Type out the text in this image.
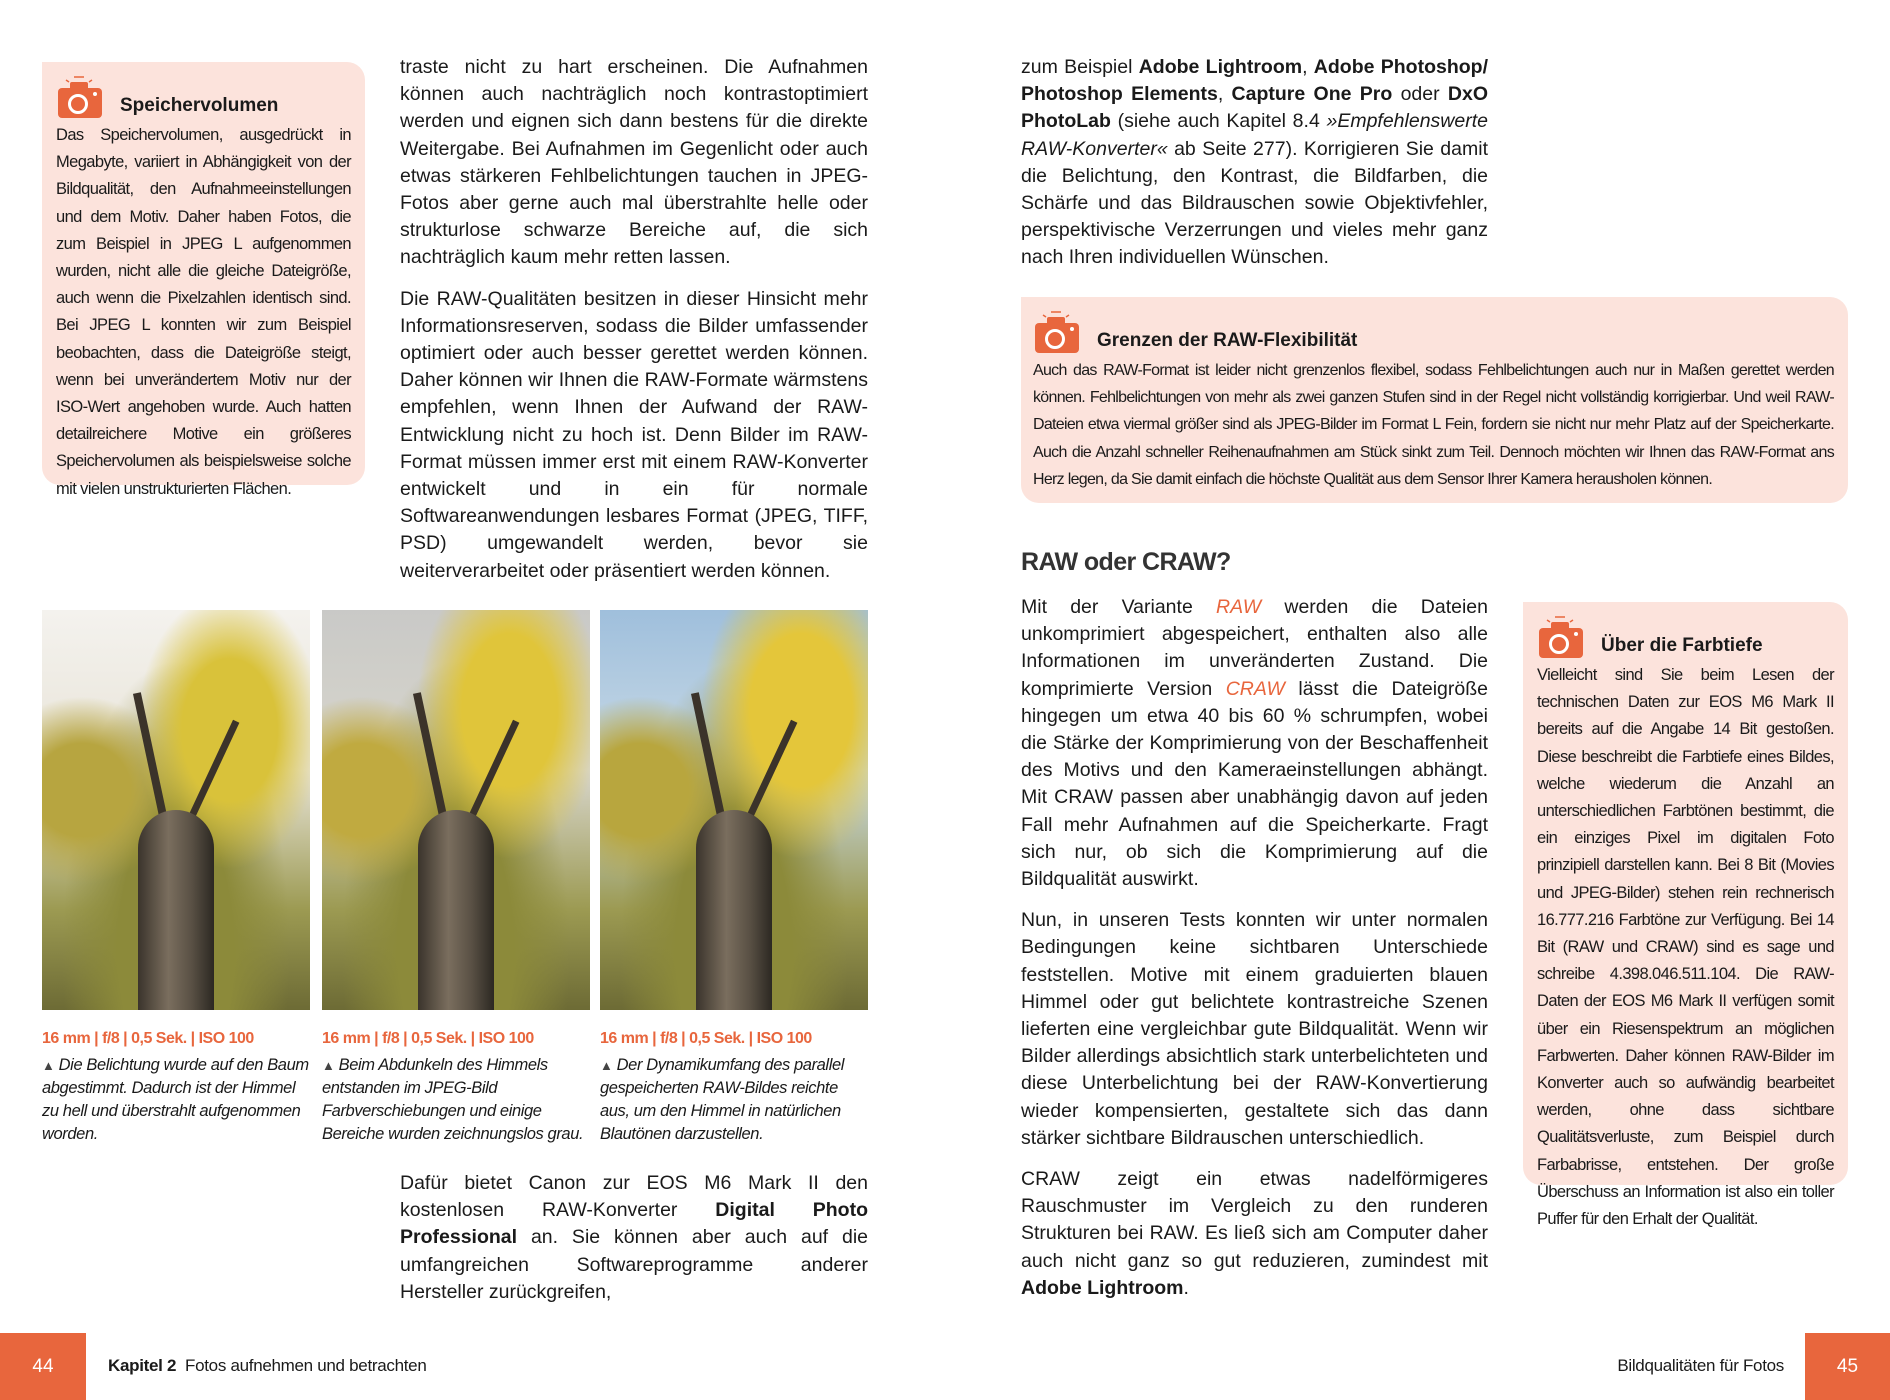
Speichervolumen
Das Speichervolumen, ausgedrückt in Megabyte, variiert in Abhängigkeit von der Bildqualität, den Aufnahmeeinstellungen und dem Motiv. Daher haben Fotos, die zum Beispiel in JPEG L aufgenommen wurden, nicht alle die gleiche Dateigröße, auch wenn die Pixelzahlen identisch sind. Bei JPEG L konnten wir zum Beispiel beobachten, dass die Dateigröße steigt, wenn bei unverändertem Motiv nur der ISO-Wert angehoben wurde. Auch hatten detailreichere Motive ein größeres Speichervolumen als beispielsweise solche mit vielen unstrukturierten Flächen.

traste nicht zu hart erscheinen. Die Aufnahmen können auch nachträglich noch kontrastoptimiert werden und eignen sich dann bestens für die direkte Weitergabe. Bei Aufnahmen im Gegenlicht oder auch etwas stärkeren Fehlbelichtungen tauchen in JPEG-Fotos aber gerne auch mal überstrahlte helle oder strukturlose schwarze Bereiche auf, die sich nachträglich kaum mehr retten lassen.

Die RAW-Qualitäten besitzen in dieser Hinsicht mehr Informationsreserven, sodass die Bilder umfassender optimiert oder auch besser gerettet werden können. Daher können wir Ihnen die RAW-Formate wärmstens empfehlen, wenn Ihnen der Aufwand der RAW-Entwicklung nicht zu hoch ist. Denn Bilder im RAW-Format müssen immer erst mit einem RAW-Konverter entwickelt und in ein für normale Softwareanwendungen lesbares Format (JPEG, TIFF, PSD) umgewandelt werden, bevor sie weiterverarbeitet oder präsentiert werden können.

16 mm | f/8 | 0,5 Sek. | ISO 100
▲ Die Belichtung wurde auf den Baum abgestimmt. Dadurch ist der Himmel zu hell und überstrahlt aufgenommen worden.
16 mm | f/8 | 0,5 Sek. | ISO 100
▲ Beim Abdunkeln des Himmels entstanden im JPEG-Bild Farbverschiebungen und einige Bereiche wurden zeichnungslos grau.
16 mm | f/8 | 0,5 Sek. | ISO 100
▲ Der Dynamikumfang des parallel gespeicherten RAW-Bildes reichte aus, um den Himmel in natürlichen Blautönen darzustellen.

Dafür bietet Canon zur EOS M6 Mark II den kostenlosen RAW-Konverter Digital Photo Professional an. Sie können aber auch auf die umfangreichen Softwareprogramme anderer Hersteller zurückgreifen,

zum Beispiel Adobe Lightroom, Adobe Photoshop/ Photoshop Elements, Capture One Pro oder DxO PhotoLab (siehe auch Kapitel 8.4 »Empfehlenswerte RAW-Konverter« ab Seite 277). Korrigieren Sie damit die Belichtung, den Kontrast, die Bildfarben, die Schärfe und das Bildrauschen sowie Objektivfehler, perspektivische Verzerrungen und vieles mehr ganz nach Ihren individuellen Wünschen.

Grenzen der RAW-Flexibilität
Auch das RAW-Format ist leider nicht grenzenlos flexibel, sodass Fehlbelichtungen auch nur in Maßen gerettet werden können. Fehlbelichtungen von mehr als zwei ganzen Stufen sind in der Regel nicht vollständig korrigierbar. Und weil RAW-Dateien etwa viermal größer sind als JPEG-Bilder im Format L Fein, fordern sie nicht nur mehr Platz auf der Speicherkarte. Auch die Anzahl schneller Reihenaufnahmen am Stück sinkt zum Teil. Dennoch möchten wir Ihnen das RAW-Format ans Herz legen, da Sie damit einfach die höchste Qualität aus dem Sensor Ihrer Kamera herausholen können.
RAW oder CRAW?

Mit der Variante RAW werden die Dateien unkomprimiert abgespeichert, enthalten also alle Informationen im unveränderten Zustand. Die komprimierte Version CRAW lässt die Dateigröße hingegen um etwa 40 bis 60 % schrumpfen, wobei die Stärke der Komprimierung von der Beschaffenheit des Motivs und den Kameraeinstellungen abhängt. Mit CRAW passen aber unabhängig davon auf jeden Fall mehr Aufnahmen auf die Speicherkarte. Fragt sich nur, ob sich die Komprimierung auf die Bildqualität auswirkt.

Nun, in unseren Tests konnten wir unter normalen Bedingungen keine sichtbaren Unterschiede feststellen. Motive mit einem graduierten blauen Himmel oder gut belichtete kontrastreiche Szenen lieferten eine vergleichbar gute Bildqualität. Wenn wir Bilder allerdings absichtlich stark unterbelichteten und diese Unterbelichtung bei der RAW-Konvertierung wieder kompensierten, gestaltete sich das dann stärker sichtbare Bildrauschen unterschiedlich.

CRAW zeigt ein etwas nadelförmigeres Rauschmuster im Vergleich zu den runderen Strukturen bei RAW. Es ließ sich am Computer daher auch nicht ganz so gut reduzieren, zumindest mit Adobe Lightroom.

Über die Farbtiefe
Vielleicht sind Sie beim Lesen der technischen Daten zur EOS M6 Mark II bereits auf die Angabe 14 Bit gestoßen. Diese beschreibt die Farbtiefe eines Bildes, welche wiederum die Anzahl an unterschiedlichen Farbtönen bestimmt, die ein einziges Pixel im digitalen Foto prinzipiell darstellen kann. Bei 8 Bit (Movies und JPEG-Bilder) stehen rein rechnerisch 16.777.216 Farbtöne zur Verfügung. Bei 14 Bit (RAW und CRAW) sind es sage und schreibe 4.398.046.511.104. Die RAW-Daten der EOS M6 Mark II verfügen somit über ein Riesenspektrum an möglichen Farbwerten. Daher können RAW-Bilder im Konverter auch so aufwändig bearbeitet werden, ohne dass sichtbare Qualitätsverluste, zum Beispiel durch Farbabrisse, entstehen. Der große Überschuss an Information ist also ein toller Puffer für den Erhalt der Qualität.
44	Kapitel 2 Fotos aufnehmen und betrachten	Bildqualitäten für Fotos	45
